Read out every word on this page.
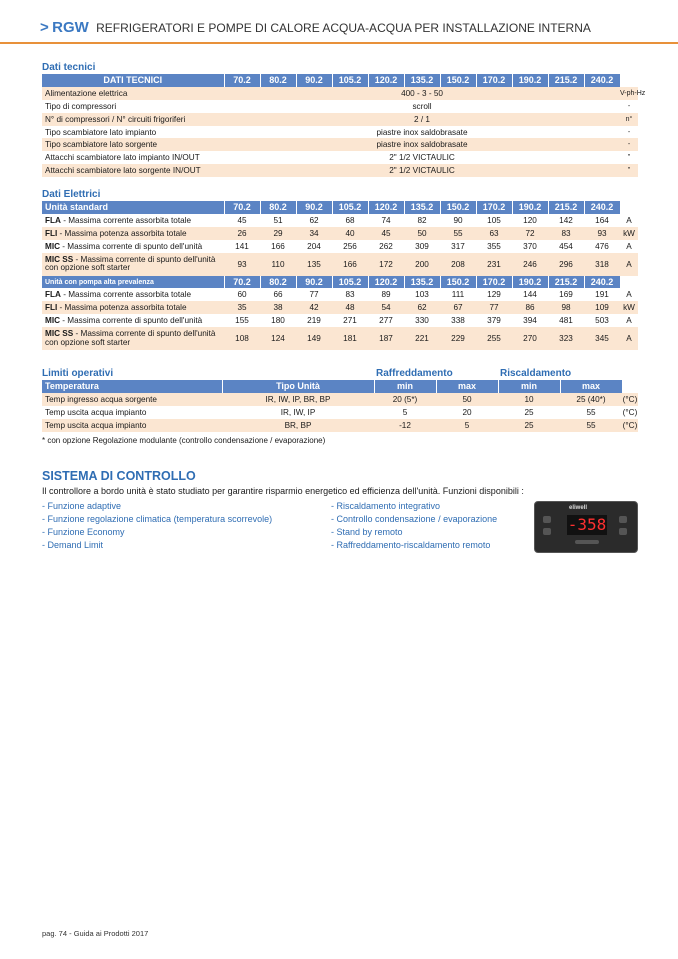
> RGW REFRIGERATORI E POMPE DI CALORE ACQUA-ACQUA PER INSTALLAZIONE INTERNA
Dati tecnici
DATI TECNICI	70.2	80.2	90.2	105.2	120.2	135.2	150.2	170.2	190.2	215.2	240.2	
Alimentazione elettrica	400 - 3 - 50											V-ph-Hz
Tipo di compressori	scroll											-
N° di compressori / N° circuiti frigoriferi	2 / 1											n°
Tipo scambiatore lato impianto	piastre inox saldobrasate											-
Tipo scambiatore lato sorgente	piastre inox saldobrasate											-
Attacchi scambiatore lato impianto IN/OUT	2" 1/2 VICTAULIC											"
Attacchi scambiatore lato sorgente IN/OUT	2" 1/2 VICTAULIC											"
Dati Elettrici
Unità standard	70.2	80.2	90.2	105.2	120.2	135.2	150.2	170.2	190.2	215.2	240.2	
FLA - Massima corrente assorbita totale	45	51	62	68	74	82	90	105	120	142	164	A
FLI - Massima potenza assorbita totale	26	29	34	40	45	50	55	63	72	83	93	kW
MIC - Massima corrente di spunto dell'unità	141	166	204	256	262	309	317	355	370	454	476	A
MIC SS - Massima corrente di spunto dell'unità con opzione soft starter	93	110	135	166	172	200	208	231	246	296	318	A
Unità con pompa alta prevalenza	70.2	80.2	90.2	105.2	120.2	135.2	150.2	170.2	190.2	215.2	240.2	
FLA - Massima corrente assorbita totale	60	66	77	83	89	103	111	129	144	169	191	A
FLI - Massima potenza assorbita totale	35	38	42	48	54	62	67	77	86	98	109	kW
MIC - Massima corrente di spunto dell'unità	155	180	219	271	277	330	338	379	394	481	503	A
MIC SS - Massima corrente di spunto dell'unità con opzione soft starter	108	124	149	181	187	221	229	255	270	323	345	A
Limiti operativi	Raffreddamento	Riscaldamento
Temperatura	Tipo Unità	min	max	min	max	
Temp ingresso acqua sorgente	IR, IW, IP, BR, BP	20 (5*)	50	10	25 (40*)	(°C)
Temp uscita acqua impianto	IR, IW, IP	5	20	25	55	(°C)
Temp uscita acqua impianto	BR, BP	-12	5	25	55	(°C)
* con opzione Regolazione modulante (controllo condensazione / evaporazione)
SISTEMA DI CONTROLLO
Il controllore a bordo unità è stato studiato per garantire risparmio energetico ed efficienza dell'unità. Funzioni disponibili :
- Funzione adaptive
- Funzione regolazione climatica (temperatura scorrevole)
- Funzione Economy
- Demand Limit
- Riscaldamento integrativo
- Controllo condensazione / evaporazione
- Stand by remoto
- Raffreddamento-riscaldamento remoto
eliwell
-358
pag. 74 - Guida ai Prodotti 2017
